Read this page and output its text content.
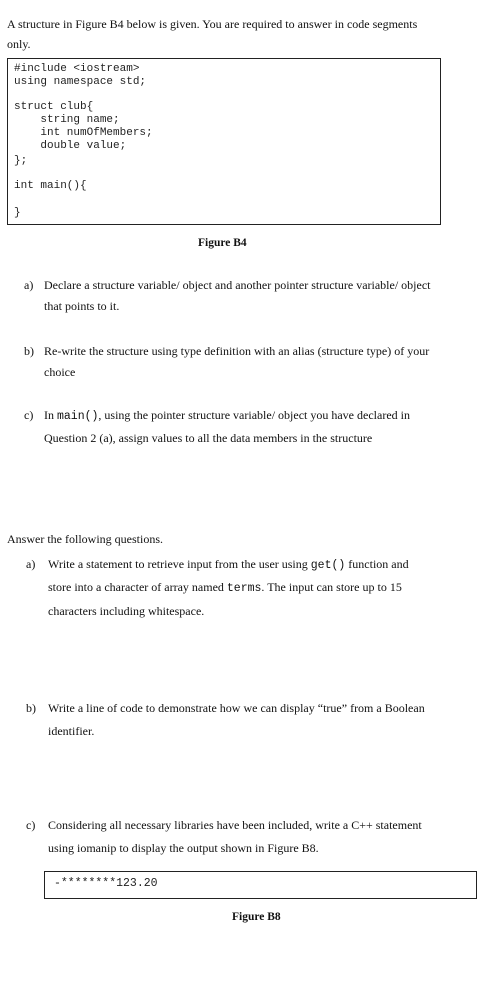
A structure in Figure B4 below is given. You are required to answer in code segments
only.
#include <iostream>
using namespace std;
struct club{
string name;
int numOfMembers;
double value;
};
int main(){
}
Figure B4
a) Declare a structure variable/ object and another pointer structure variable/ object
that points to it.
b) Re-write the structure using type definition with an alias (structure type) of your
choice
c) In main(), using the pointer structure variable/ object you have declared in
Question 2 (a), assign values to all the data members in the structure
Answer the following questions.
a) Write a statement to retrieve input from the user using get() function and
store into a character of array named terms. The input can store up to 15
characters including whitespace.
b) Write a line of code to demonstrate how we can display “true” from a Boolean
identifier.
c) Considering all necessary libraries have been included, write a C++ statement
using iomanip to display the output shown in Figure B8.
-********123.20
Figure B8
